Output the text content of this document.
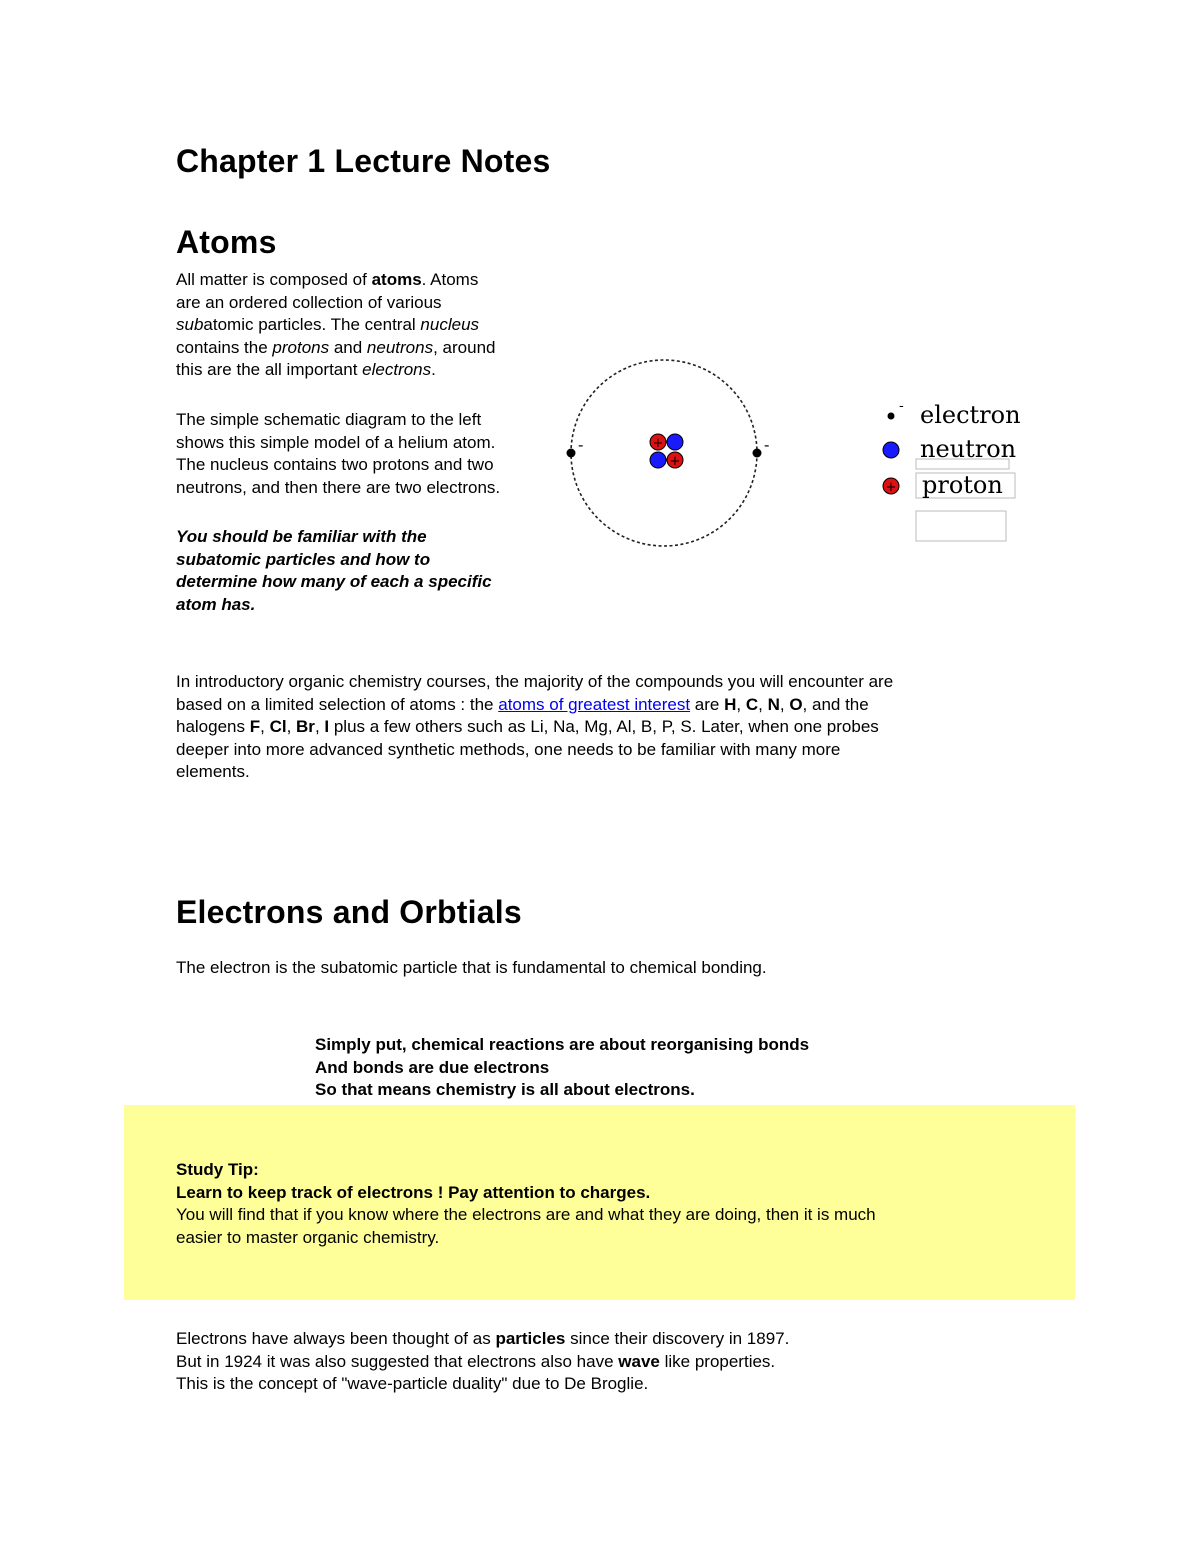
Chapter 1 Lecture Notes
Atoms
All matter is composed of atoms. Atoms
are an ordered collection of various
subatomic particles. The central nucleus
contains the protons and neutrons, around
this are the all important electrons.
The simple schematic diagram to the left
shows this simple model of a helium atom.
The nucleus contains two protons and two
neutrons, and then there are two electrons.
You should be familiar with the
subatomic particles and how to
determine how many of each a specific
atom has.
-	-
+
+
- electron
neutron
+ proton
In introductory organic chemistry courses, the majority of the compounds you will encounter are
based on a limited selection of atoms : the atoms of greatest interest are H, C, N, O, and the
halogens F, Cl, Br, I plus a few others such as Li, Na, Mg, Al, B, P, S. Later, when one probes
deeper into more advanced synthetic methods, one needs to be familiar with many more
elements.
Electrons and Orbtials
The electron is the subatomic particle that is fundamental to chemical bonding.
Simply put, chemical reactions are about reorganising bonds
And bonds are due electrons
So that means chemistry is all about electrons.
Study Tip:
Learn to keep track of electrons ! Pay attention to charges.
You will find that if you know where the electrons are and what they are doing, then it is much
easier to master organic chemistry.
Electrons have always been thought of as particles since their discovery in 1897.
But in 1924 it was also suggested that electrons also have wave like properties.
This is the concept of "wave-particle duality" due to De Broglie.
